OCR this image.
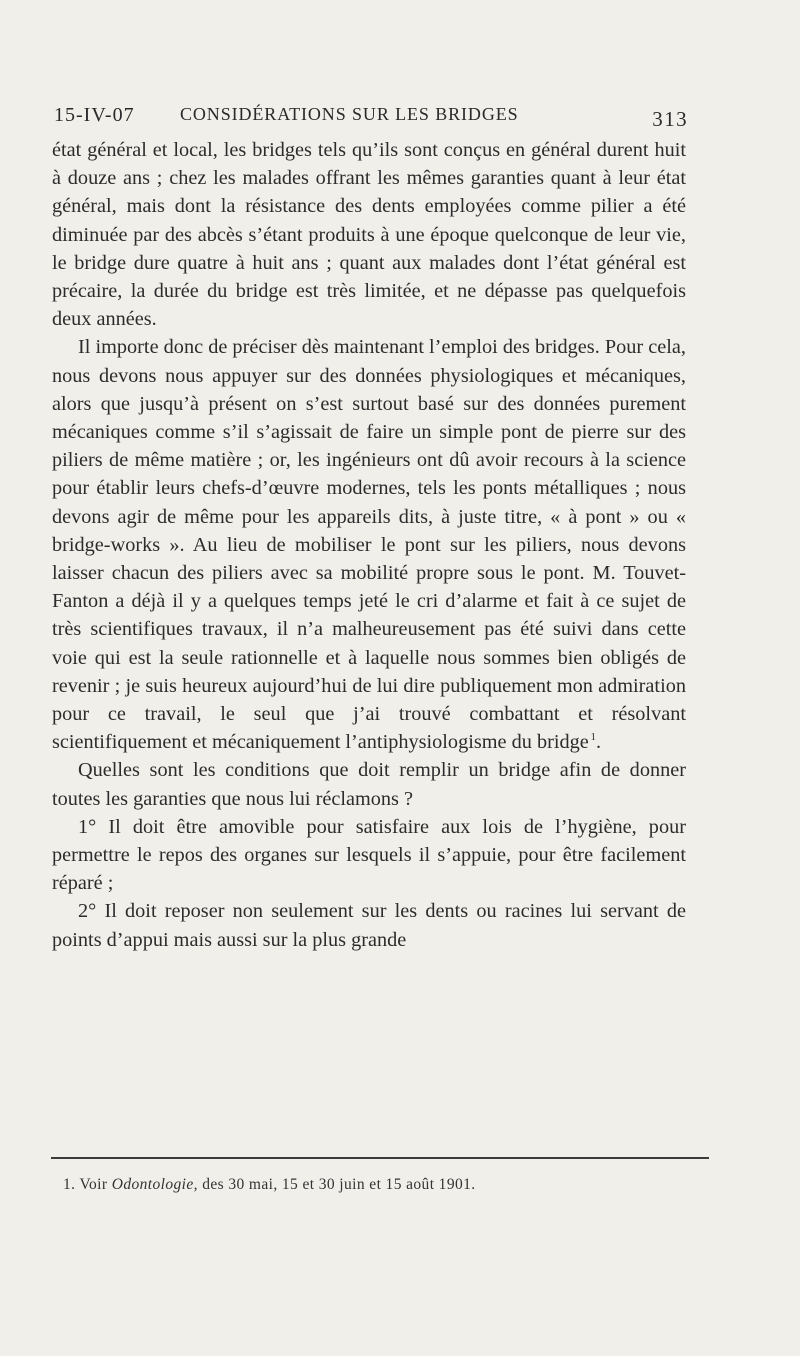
15-IV-07	CONSIDÉRATIONS SUR LES BRIDGES	313

état général et local, les bridges tels qu’ils sont conçus en général durent huit à douze ans ; chez les malades offrant les mêmes garanties quant à leur état général, mais dont la résistance des dents employées comme pilier a été diminuée par des abcès s’étant produits à une époque quelconque de leur vie, le bridge dure quatre à huit ans ; quant aux malades dont l’état général est précaire, la durée du bridge est très limitée, et ne dépasse pas quelquefois deux années.

Il importe donc de préciser dès maintenant l’emploi des bridges. Pour cela, nous devons nous appuyer sur des données physiologiques et mécaniques, alors que jusqu’à présent on s’est surtout basé sur des données purement mécaniques comme s’il s’agissait de faire un simple pont de pierre sur des piliers de même matière ; or, les ingénieurs ont dû avoir recours à la science pour établir leurs chefs-d’œuvre modernes, tels les ponts métalliques ; nous devons agir de même pour les appareils dits, à juste titre, « à pont » ou « bridge-works ». Au lieu de mobiliser le pont sur les piliers, nous devons laisser chacun des piliers avec sa mobilité propre sous le pont. M. Touvet-Fanton a déjà il y a quelques temps jeté le cri d’alarme et fait à ce sujet de très scientifiques travaux, il n’a malheureusement pas été suivi dans cette voie qui est la seule rationnelle et à laquelle nous sommes bien obligés de revenir ; je suis heureux aujourd’hui de lui dire publiquement mon admiration pour ce travail, le seul que j’ai trouvé combattant et résolvant scientifiquement et mécaniquement l’antiphysiologisme du bridge  $^1$.

Quelles sont les conditions que doit remplir un bridge afin de donner toutes les garanties que nous lui réclamons ?

1° Il doit être amovible pour satisfaire aux lois de l’hygiène, pour permettre le repos des organes sur lesquels il s’appuie, pour être facilement réparé ;

2° Il doit reposer non seulement sur les dents ou racines lui servant de points d’appui mais aussi sur la plus grande

1. Voir Odontologie, des 30 mai, 15 et 30 juin et 15 août 1901.
